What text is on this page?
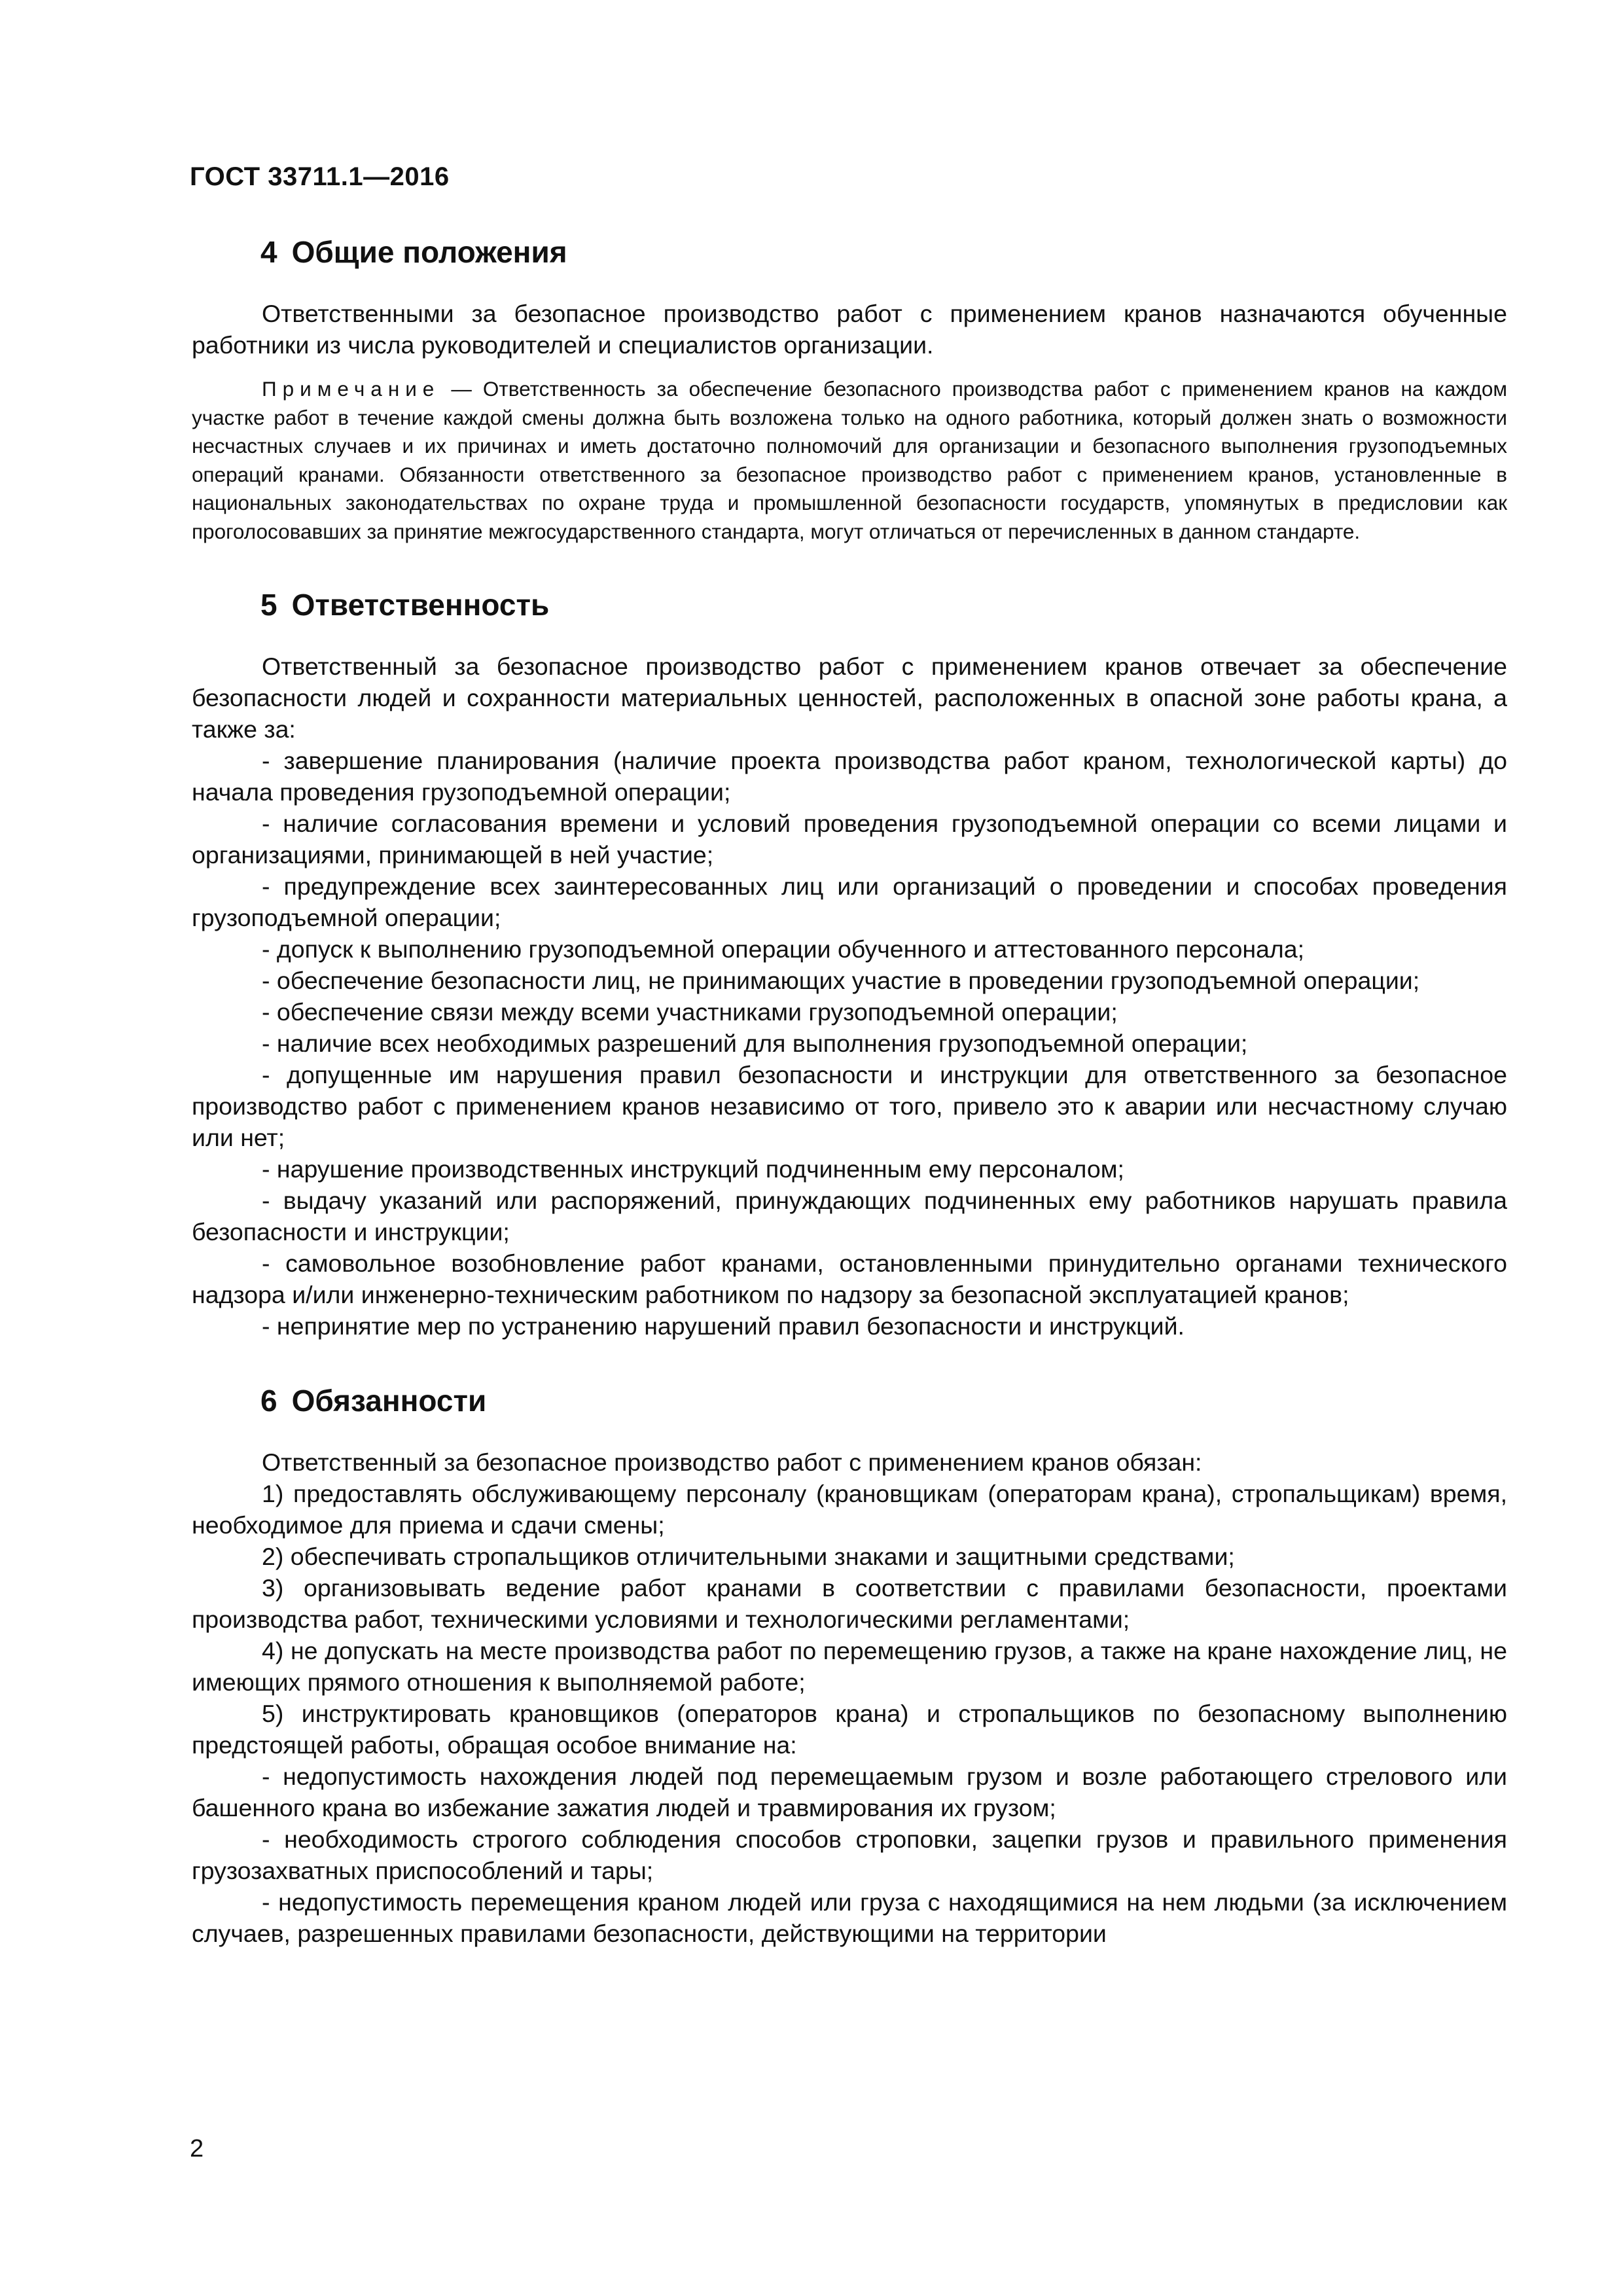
ГОСТ 33711.1—2016
4 Общие положения

Ответственными за безопасное производство работ с применением кранов назначаются обученные работники из числа руководителей и специалистов организации.

Примечание — Ответственность за обеспечение безопасного производства работ с применением кранов на каждом участке работ в течение каждой смены должна быть возложена только на одного работника, который должен знать о возможности несчастных случаев и их причинах и иметь достаточно полномочий для организации и безопасного выполнения грузоподъемных операций кранами. Обязанности ответственного за безопасное производство работ с применением кранов, установленные в национальных законодательствах по охране труда и промышленной безопасности государств, упомянутых в предисловии как проголосовавших за принятие межгосударственного стандарта, могут отличаться от перечисленных в данном стандарте.

5 Ответственность

Ответственный за безопасное производство работ с применением кранов отвечает за обеспечение безопасности людей и сохранности материальных ценностей, расположенных в опасной зоне работы крана, а также за:

- завершение планирования (наличие проекта производства работ краном, технологической карты) до начала проведения грузоподъемной операции;

- наличие согласования времени и условий проведения грузоподъемной операции со всеми лицами и организациями, принимающей в ней участие;

- предупреждение всех заинтересованных лиц или организаций о проведении и способах проведения грузоподъемной операции;

- допуск к выполнению грузоподъемной операции обученного и аттестованного персонала;

- обеспечение безопасности лиц, не принимающих участие в проведении грузоподъемной операции;

- обеспечение связи между всеми участниками грузоподъемной операции;

- наличие всех необходимых разрешений для выполнения грузоподъемной операции;

- допущенные им нарушения правил безопасности и инструкции для ответственного за безопасное производство работ с применением кранов независимо от того, привело это к аварии или несчастному случаю или нет;

- нарушение производственных инструкций подчиненным ему персоналом;

- выдачу указаний или распоряжений, принуждающих подчиненных ему работников нарушать правила безопасности и инструкции;

- самовольное возобновление работ кранами, остановленными принудительно органами технического надзора и/или инженерно-техническим работником по надзору за безопасной эксплуатацией кранов;

- непринятие мер по устранению нарушений правил безопасности и инструкций.

6 Обязанности

Ответственный за безопасное производство работ с применением кранов обязан:

1) предоставлять обслуживающему персоналу (крановщикам (операторам крана), стропальщикам) время, необходимое для приема и сдачи смены;

2) обеспечивать стропальщиков отличительными знаками и защитными средствами;

3) организовывать ведение работ кранами в соответствии с правилами безопасности, проектами производства работ, техническими условиями и технологическими регламентами;

4) не допускать на месте производства работ по перемещению грузов, а также на кране нахождение лиц, не имеющих прямого отношения к выполняемой работе;

5) инструктировать крановщиков (операторов крана) и стропальщиков по безопасному выполнению предстоящей работы, обращая особое внимание на:

- недопустимость нахождения людей под перемещаемым грузом и возле работающего стрелового или башенного крана во избежание зажатия людей и травмирования их грузом;

- необходимость строгого соблюдения способов строповки, зацепки грузов и правильного применения грузозахватных приспособлений и тары;

- недопустимость перемещения краном людей или груза с находящимися на нем людьми (за исключением случаев, разрешенных правилами безопасности, действующими на территории

2
